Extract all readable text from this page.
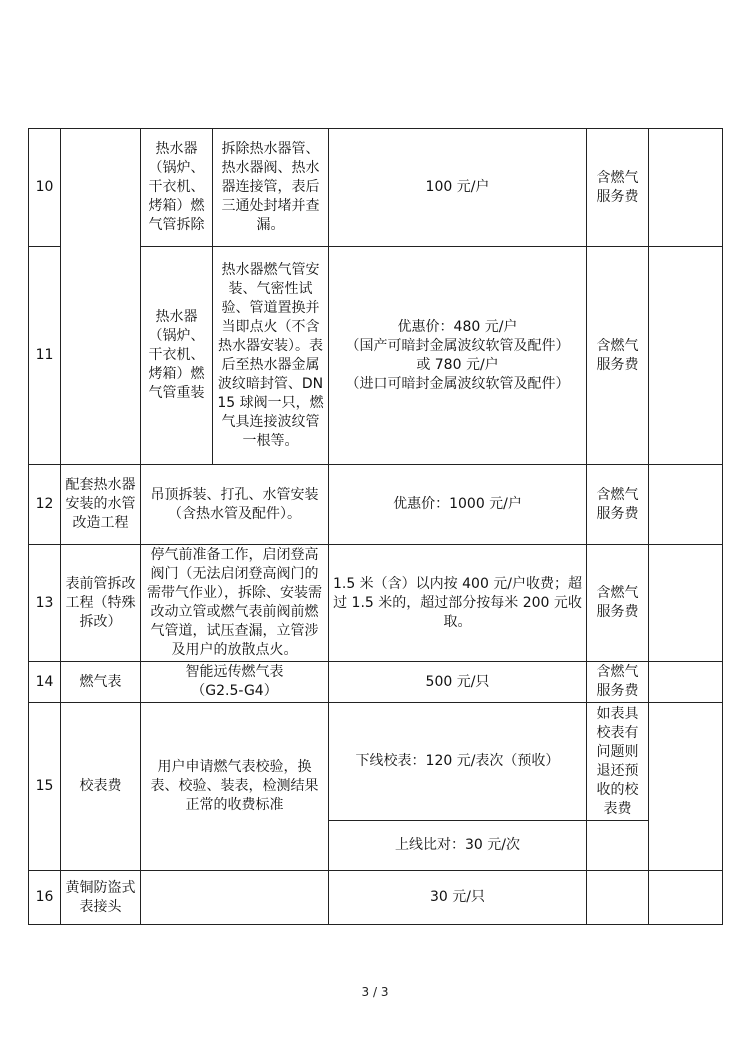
10		热水器（锅炉、干衣机、烤箱）燃气管拆除	拆除热水器管、热水器阀、热水器连接管，表后三通处封堵并查漏。	100 元/户	含燃气服务费	
11		热水器（锅炉、干衣机、烤箱）燃气管重装	热水器燃气管安装、气密性试验、管道置换并当即点火（不含热水器安装）。表后至热水器金属波纹暗封管、DN15 球阀一只，燃气具连接波纹管一根等。	优惠价：480 元/户
（国产可暗封金属波纹软管及配件）
或 780 元/户
（进口可暗封金属波纹软管及配件）	含燃气服务费	
12	配套热水器安装的水管改造工程	吊顶拆装、打孔、水管安装（含热水管及配件）。		优惠价：1000 元/户	含燃气服务费	
13	表前管拆改工程（特殊拆改）	停气前准备工作，启闭登高阀门（无法启闭登高阀门的需带气作业），拆除、安装需改动立管或燃气表前阀前燃气管道，试压查漏，立管涉及用户的放散点火。		1.5 米（含）以内按 400 元/户收费；超过 1.5 米的，超过部分按每米 200 元收取。	含燃气服务费	
14	燃气表	智能远传燃气表
（G2.5-G4）		500 元/只	含燃气服务费	
15	校表费	用户申请燃气表校验，换表、校验、装表，检测结果正常的收费标准		下线校表：120 元/表次（预收）	如表具校表有问题则退还预收的校表费	
				上线比对：30 元/次		
16	黄铜防盗式表接头			30 元/只		
3 / 3
